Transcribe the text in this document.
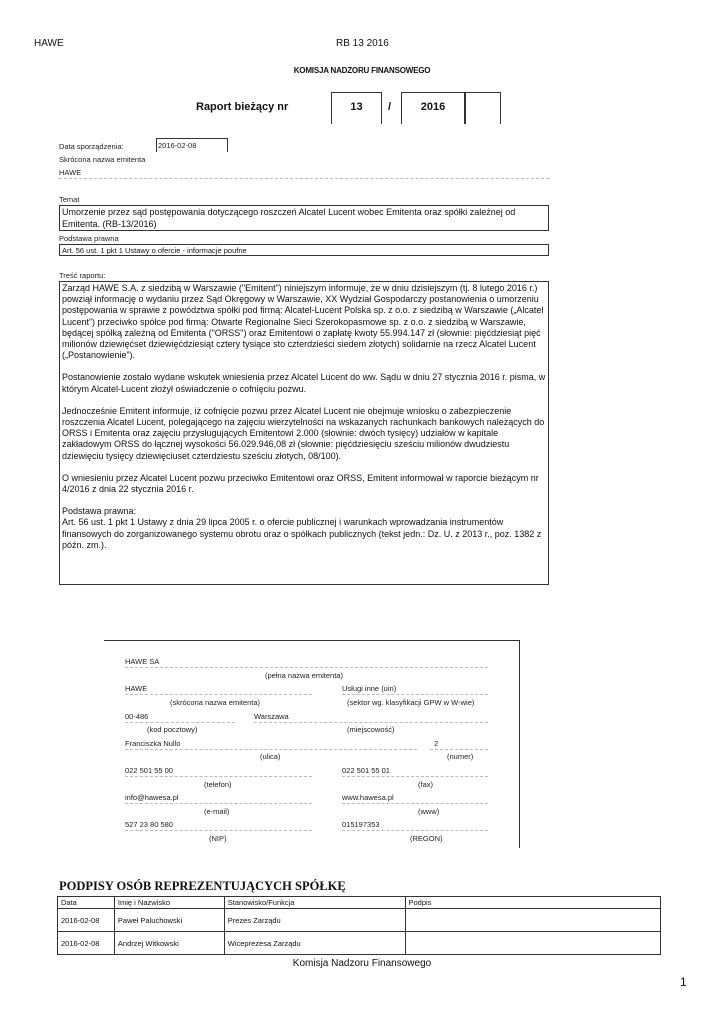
HAWE	RB 13 2016
KOMISJA NADZORU FINANSOWEGO
Raport bieżący nr	13	/	2016
Data sporządzenia:	2016-02-08
Skrócona nazwa emitenta
HAWE
Temat
Umorzenie przez sąd postępowania dotyczącego roszczeń Alcatel Lucent wobec Emitenta oraz spółki zależnej od Emitenta. (RB-13/2016)
Podstawa prawna
Art. 56 ust. 1 pkt 1 Ustawy o ofercie - informacje poufne
Treść raportu:

Zarząd HAWE S.A. z siedzibą w Warszawie ("Emitent") niniejszym informuje, że w dniu dzisiejszym (tj. 8 lutego 2016 r.) powziął informację o wydaniu przez Sąd Okręgowy w Warszawie, XX Wydział Gospodarczy postanowienia o umorzeniu postępowania w sprawie z powództwa spółki pod firmą: Alcatel-Lucent Polska sp. z o.o. z siedzibą w Warszawie („Alcatel Lucent”) przeciwko spółce pod firmą: Otwarte Regionalne Sieci Szerokopasmowe sp. z o.o. z siedzibą w Warszawie, będącej spółką zależną od Emitenta ("ORSS") oraz Emitentowi o zapłatę kwoty 55.994.147 zł (słownie: pięćdziesiąt pięć milionów dziewięćset dziewięćdziesiąt cztery tysiące sto czterdzieści siedem złotych) solidarnie na rzecz Alcatel Lucent („Postanowienie”).

Postanowienie zostało wydane wskutek wniesienia przez Alcatel Lucent do ww. Sądu w dniu 27 stycznia 2016 r. pisma, w którym Alcatel-Lucent złożył oświadczenie o cofnięciu pozwu.

Jednocześnie Emitent informuje, iż cofnięcie pozwu przez Alcatel Lucent nie obejmuje wniosku o zabezpieczenie roszczenia Alcatel Lucent, polegającego na zajęciu wierzytelności na wskazanych rachunkach bankowych należących do ORSS i Emitenta oraz zajęciu przysługujących Emitentowi 2.000 (słownie: dwóch tysięcy) udziałów w kapitale zakładowym ORSS do łącznej wysokości 56.029.946,08 zł (słownie: pięćdziesięciu sześciu milionów dwudziestu dziewięciu tysięcy dziewięciuset czterdziestu sześciu złotych, 08/100).

O wniesieniu przez Alcatel Lucent pozwu przeciwko Emitentowi oraz ORSS, Emitent informował w raporcie bieżącym nr 4/2016 z dnia 22 stycznia 2016 r.

Podstawa prawna:
Art. 56 ust. 1 pkt 1 Ustawy z dnia 29 lipca 2005 r. o ofercie publicznej i warunkach wprowadzania instrumentów finansowych do zorganizowanego systemu obrotu oraz o spółkach publicznych (tekst jedn.: Dz. U. z 2013 r., poz. 1382 z późn. zm.).

HAWE SA
(pełna nazwa emitenta)
HAWE	Usługi inne (uin)
(skrócona nazwa emitenta)	(sektor wg. klasyfikacji GPW w W-wie)
00-486	Warszawa
(kod pocztowy)	(miejscowość)
Franciszka Nullo	2
(ulica)	(numer)
022 501 55 00	022 501 55 01
(telefon)	(fax)
info@hawesa.pl	www.hawesa.pl
(e-mail)	(www)
527 23 80 580	015197353
(NIP)	(REGON)
PODPISY OSÓB REPREZENTUJĄCYCH SPÓŁKĘ
Data	Imię i Nazwisko	Stanowisko/Funkcja	Podpis
2016-02-08	Paweł Paluchowski	Prezes Zarządu	
2016-02-08	Andrzej Witkowski	Wiceprezesa Zarządu	
Komisja Nadzoru Finansowego
1
